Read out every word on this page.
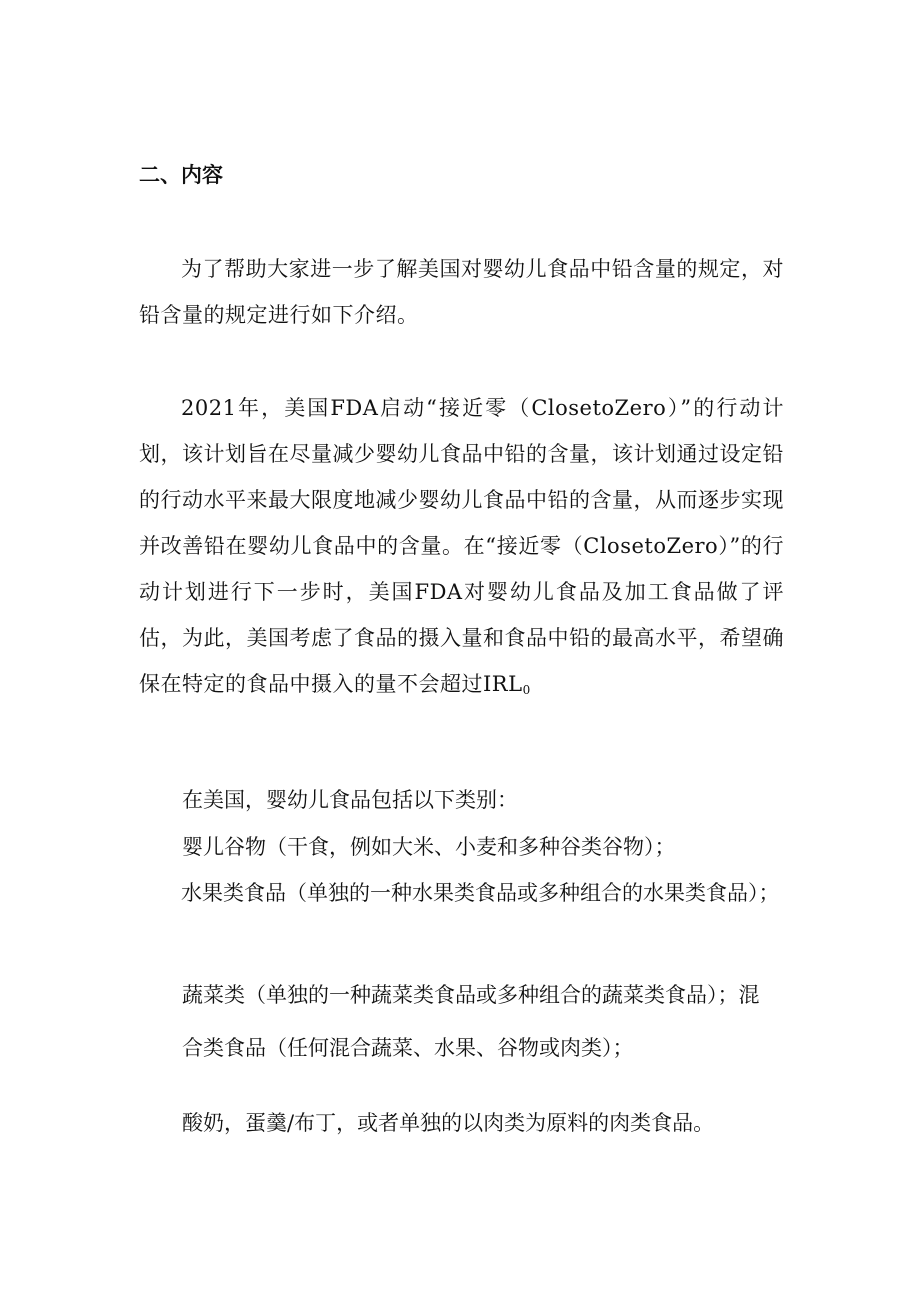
二、内容

为了帮助大家进一步了解美国对婴幼儿食品中铅含量的规定，对铅含量的规定进行如下介绍。

2021年，美国FDA启动“接近零（ClosetoZero）”的行动计划，该计划旨在尽量减少婴幼儿食品中铅的含量，该计划通过设定铅的行动水平来最大限度地减少婴幼儿食品中铅的含量，从而逐步实现并改善铅在婴幼儿食品中的含量。在“接近零（ClosetoZero）”的行动计划进行下一步时，美国FDA对婴幼儿食品及加工食品做了评估，为此，美国考虑了食品的摄入量和食品中铅的最高水平，希望确保在特定的食品中摄入的量不会超过$IRL_0$

在美国，婴幼儿食品包括以下类别：

婴儿谷物（干食，例如大米、小麦和多种谷类谷物）；

水果类食品（单独的一种水果类食品或多种组合的水果类食品）；

蔬菜类（单独的一种蔬菜类食品或多种组合的蔬菜类食品）；混

合类食品（任何混合蔬菜、水果、谷物或肉类）；

酸奶，蛋羹/布丁，或者单独的以肉类为原料的肉类食品。
